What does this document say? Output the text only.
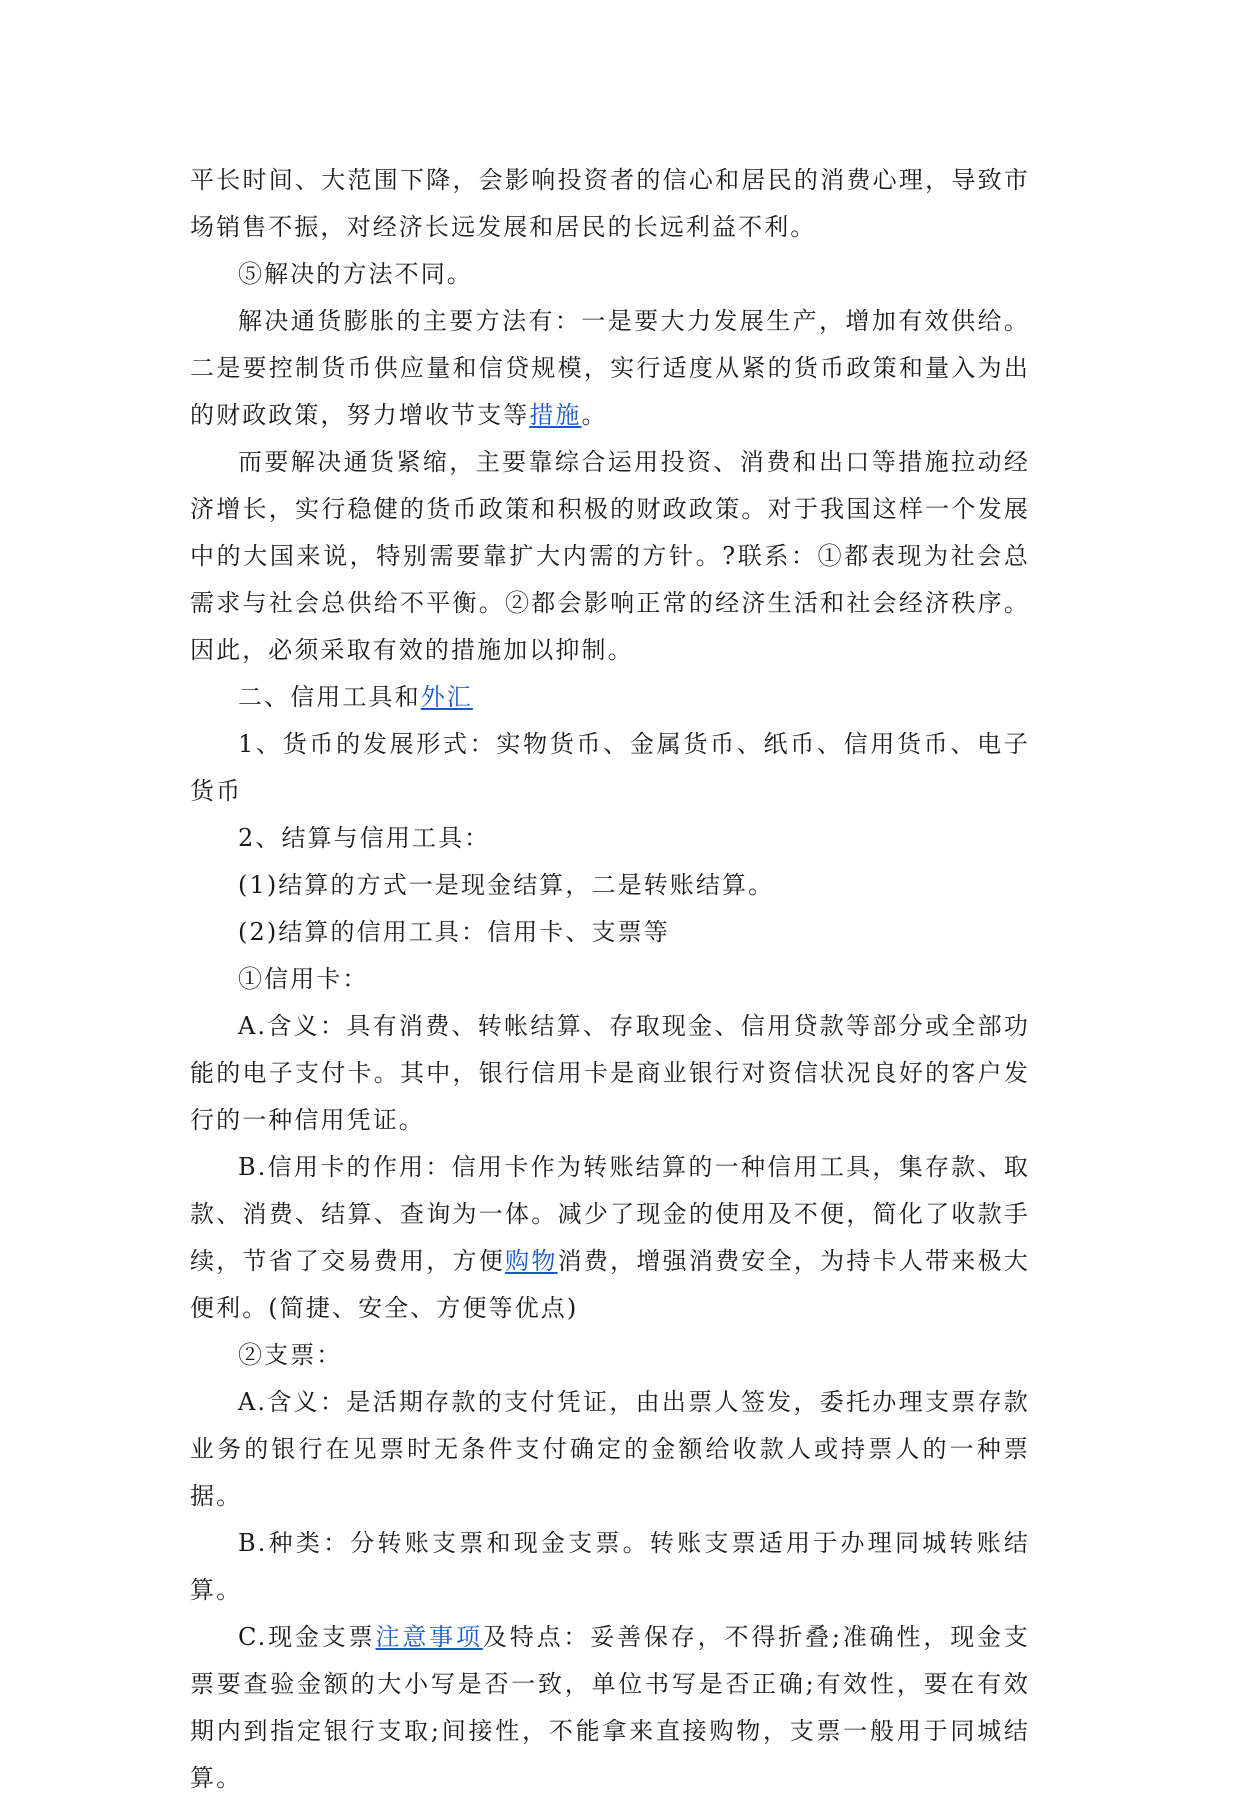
平长时间、大范围下降，会影响投资者的信心和居民的消费心理，导致市场销售不振，对经济长远发展和居民的长远利益不利。

⑤解决的方法不同。

解决通货膨胀的主要方法有：一是要大力发展生产，增加有效供给。二是要控制货币供应量和信贷规模，实行适度从紧的货币政策和量入为出的财政政策，努力增收节支等措施。

而要解决通货紧缩，主要靠综合运用投资、消费和出口等措施拉动经济增长，实行稳健的货币政策和积极的财政政策。对于我国这样一个发展中的大国来说，特别需要靠扩大内需的方针。?联系：①都表现为社会总需求与社会总供给不平衡。②都会影响正常的经济生活和社会经济秩序。因此，必须采取有效的措施加以抑制。

二、信用工具和外汇

1、货币的发展形式：实物货币、金属货币、纸币、信用货币、电子货币

2、结算与信用工具：

(1)结算的方式一是现金结算，二是转账结算。

(2)结算的信用工具：信用卡、支票等

①信用卡：

A.含义：具有消费、转帐结算、存取现金、信用贷款等部分或全部功能的电子支付卡。其中，银行信用卡是商业银行对资信状况良好的客户发行的一种信用凭证。

B.信用卡的作用：信用卡作为转账结算的一种信用工具，集存款、取款、消费、结算、查询为一体。减少了现金的使用及不便，简化了收款手续，节省了交易费用，方便购物消费，增强消费安全，为持卡人带来极大便利。(简捷、安全、方便等优点)

②支票：

A.含义：是活期存款的支付凭证，由出票人签发，委托办理支票存款业务的银行在见票时无条件支付确定的金额给收款人或持票人的一种票据。

B.种类：分转账支票和现金支票。转账支票适用于办理同城转账结算。

C.现金支票注意事项及特点：妥善保存，不得折叠;准确性，现金支票要查验金额的大小写是否一致，单位书写是否正确;有效性，要在有效期内到指定银行支取;间接性，不能拿来直接购物，支票一般用于同城结算。
